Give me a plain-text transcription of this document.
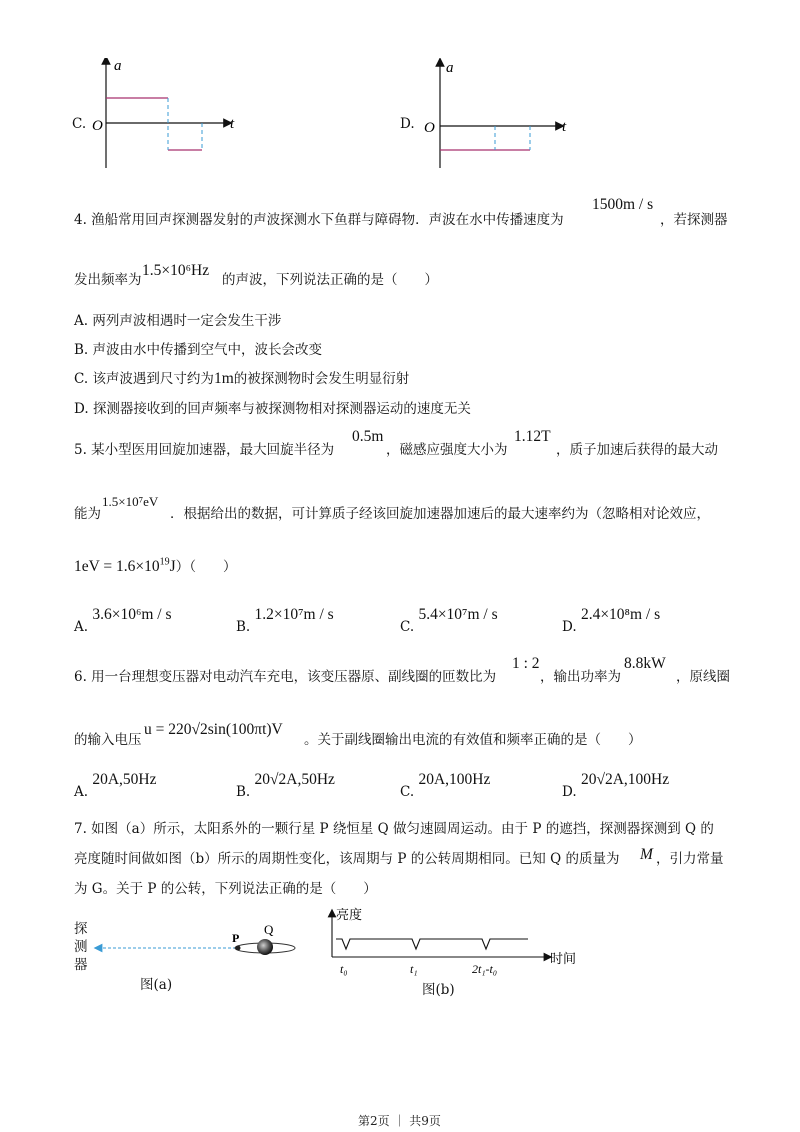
C.
a
t
O	D.
a
t
O
4. 渔船常用回声探测器发射的声波探测水下鱼群与障碍物．声波在水中传播速度为
1500m / s
，若探测器
发出频率为
1.5×10⁶Hz
的声波，下列说法正确的是（　　）
A. 两列声波相遇时一定会发生干涉
B. 声波由水中传播到空气中，波长会改变
C. 该声波遇到尺寸约为1m的被探测物时会发生明显衍射
D. 探测器接收到的回声频率与被探测物相对探测器运动的速度无关
5. 某小型医用回旋加速器，最大回旋半径为
0.5m
，磁感应强度大小为
1.12T
，质子加速后获得的最大动
能为
1.5×10⁷eV
．根据给出的数据，可计算质子经该回旋加速器加速后的最大速率约为（忽略相对论效应，
$1eV = 1.6\times 10^{19}J$）（　　）
A. 3.6×10⁶m / s
B. 1.2×10⁷m / s
C. 5.4×10⁷m / s
D. 2.4×10⁸m / s
6. 用一台理想变压器对电动汽车充电，该变压器原、副线圈的匝数比为
1 : 2
，输出功率为
8.8kW
，原线圈
的输入电压
u = 220√2sin(100πt)V
。关于副线圈输出电流的有效值和频率正确的是（　　）
A. 20A,50Hz
B. 20√2A,50Hz
C. 20A,100Hz
D. 20√2A,100Hz
7. 如图（a）所示，太阳系外的一颗行星 P 绕恒星 Q 做匀速圆周运动。由于 P 的遮挡，探测器探测到 Q 的
亮度随时间做如图（b）所示的周期性变化，该周期与 P 的公转周期相同。已知 Q 的质量为 M ，引力常量
为 G。关于 P 的公转，下列说法正确的是（　　）
探
测
器
P
Q
图(a)
亮度
时间
t₀	t₁	2t₁-t₀
图(b)
第2页 ｜ 共9页
